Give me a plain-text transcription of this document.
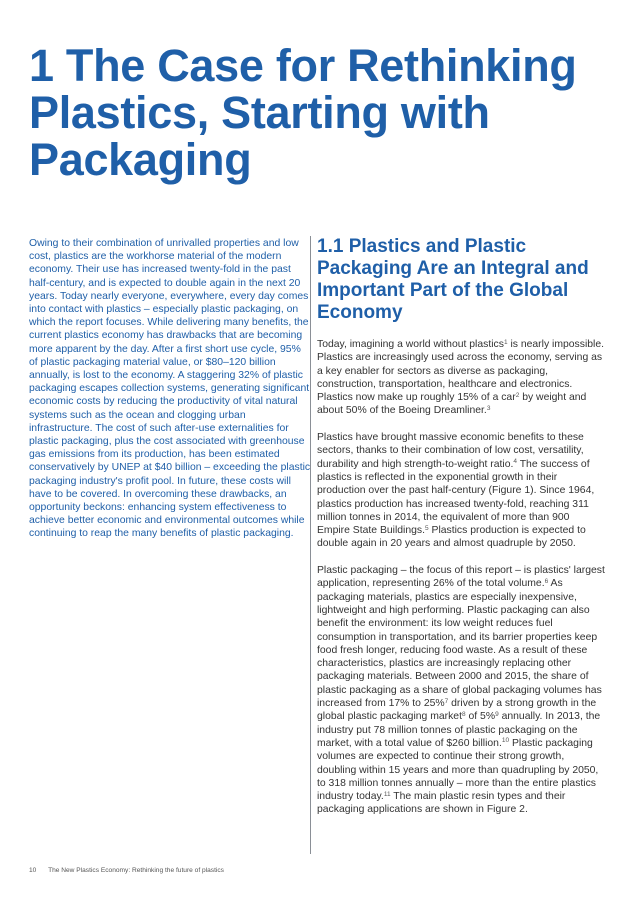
1 The Case for Rethinking Plastics, Starting with Packaging

Owing to their combination of unrivalled properties and low cost, plastics are the workhorse material of the modern economy. Their use has increased twenty-fold in the past half-century, and is expected to double again in the next 20 years. Today nearly everyone, everywhere, every day comes into contact with plastics – especially plastic packaging, on which the report focuses. While delivering many benefits, the current plastics economy has drawbacks that are becoming more apparent by the day. After a first short use cycle, 95% of plastic packaging material value, or $80–120 billion annually, is lost to the economy. A staggering 32% of plastic packaging escapes collection systems, generating significant economic costs by reducing the productivity of vital natural systems such as the ocean and clogging urban infrastructure. The cost of such after-use externalities for plastic packaging, plus the cost associated with greenhouse gas emissions from its production, has been estimated conservatively by UNEP at $40 billion – exceeding the plastic packaging industry's profit pool. In future, these costs will have to be covered. In overcoming these drawbacks, an opportunity beckons: enhancing system effectiveness to achieve better economic and environmental outcomes while continuing to reap the many benefits of plastic packaging.

1.1 Plastics and Plastic Packaging Are an Integral and Important Part of the Global Economy

Today, imagining a world without plastics$^1$ is nearly impossible. Plastics are increasingly used across the economy, serving as a key enabler for sectors as diverse as packaging, construction, transportation, healthcare and electronics. Plastics now make up roughly 15% of a car$^2$ by weight and about 50% of the Boeing Dreamliner.$^3$

Plastics have brought massive economic benefits to these sectors, thanks to their combination of low cost, versatility, durability and high strength-to-weight ratio.$^4$ The success of plastics is reflected in the exponential growth in their production over the past half-century (Figure 1). Since 1964, plastics production has increased twenty-fold, reaching 311 million tonnes in 2014, the equivalent of more than 900 Empire State Buildings.$^5$ Plastics production is expected to double again in 20 years and almost quadruple by 2050.

Plastic packaging – the focus of this report – is plastics' largest application, representing 26% of the total volume.$^6$ As packaging materials, plastics are especially inexpensive, lightweight and high performing. Plastic packaging can also benefit the environment: its low weight reduces fuel consumption in transportation, and its barrier properties keep food fresh longer, reducing food waste. As a result of these characteristics, plastics are increasingly replacing other packaging materials. Between 2000 and 2015, the share of plastic packaging as a share of global packaging volumes has increased from 17% to 25%$^7$ driven by a strong growth in the global plastic packaging market$^8$ of 5%$^9$ annually. In 2013, the industry put 78 million tonnes of plastic packaging on the market, with a total value of $260 billion.$^{10}$ Plastic packaging volumes are expected to continue their strong growth, doubling within 15 years and more than quadrupling by 2050, to 318 million tonnes annually – more than the entire plastics industry today.$^{11}$ The main plastic resin types and their packaging applications are shown in Figure 2.

10 The New Plastics Economy: Rethinking the future of plastics
